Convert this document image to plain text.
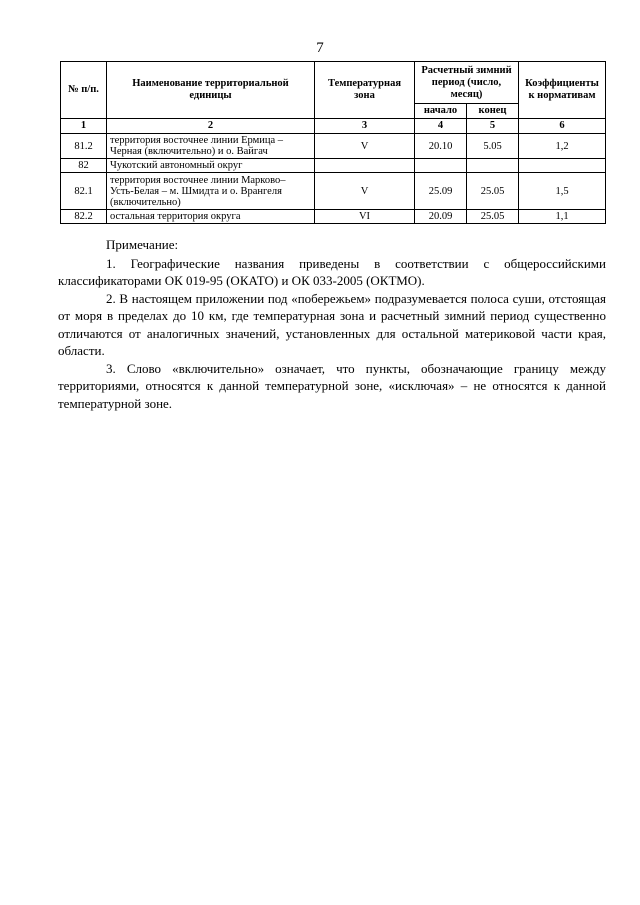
7
№ п/п.	Наименование территориальной единицы	Температурная зона	Расчетный зимний период (число, месяц)		Коэффициенты к нормативам
			начало	конец	
1	2	3	4	5	6
81.2	территория восточнее линии Ермица – Черная (включительно) и о. Вайгач	V	20.10	5.05	1,2
82	Чукотский автономный округ				
82.1	территория восточнее линии Марково– Усть-Белая – м. Шмидта и о. Врангеля (включительно)	V	25.09	25.05	1,5
82.2	остальная территория округа	VI	20.09	25.05	1,1

Примечание:

1. Географические названия приведены в соответствии с общероссийскими классификаторами ОК 019-95 (ОКАТО) и ОК 033-2005 (ОКТМО).

2. В настоящем приложении под «побережьем» подразумевается полоса суши, отстоящая от моря в пределах до 10 км, где температурная зона и расчетный зимний период существенно отличаются от аналогичных значений, установленных для остальной материковой части края, области.

3. Слово «включительно» означает, что пункты, обозначающие границу между территориями, относятся к данной температурной зоне, «исключая» – не относятся к данной температурной зоне.
